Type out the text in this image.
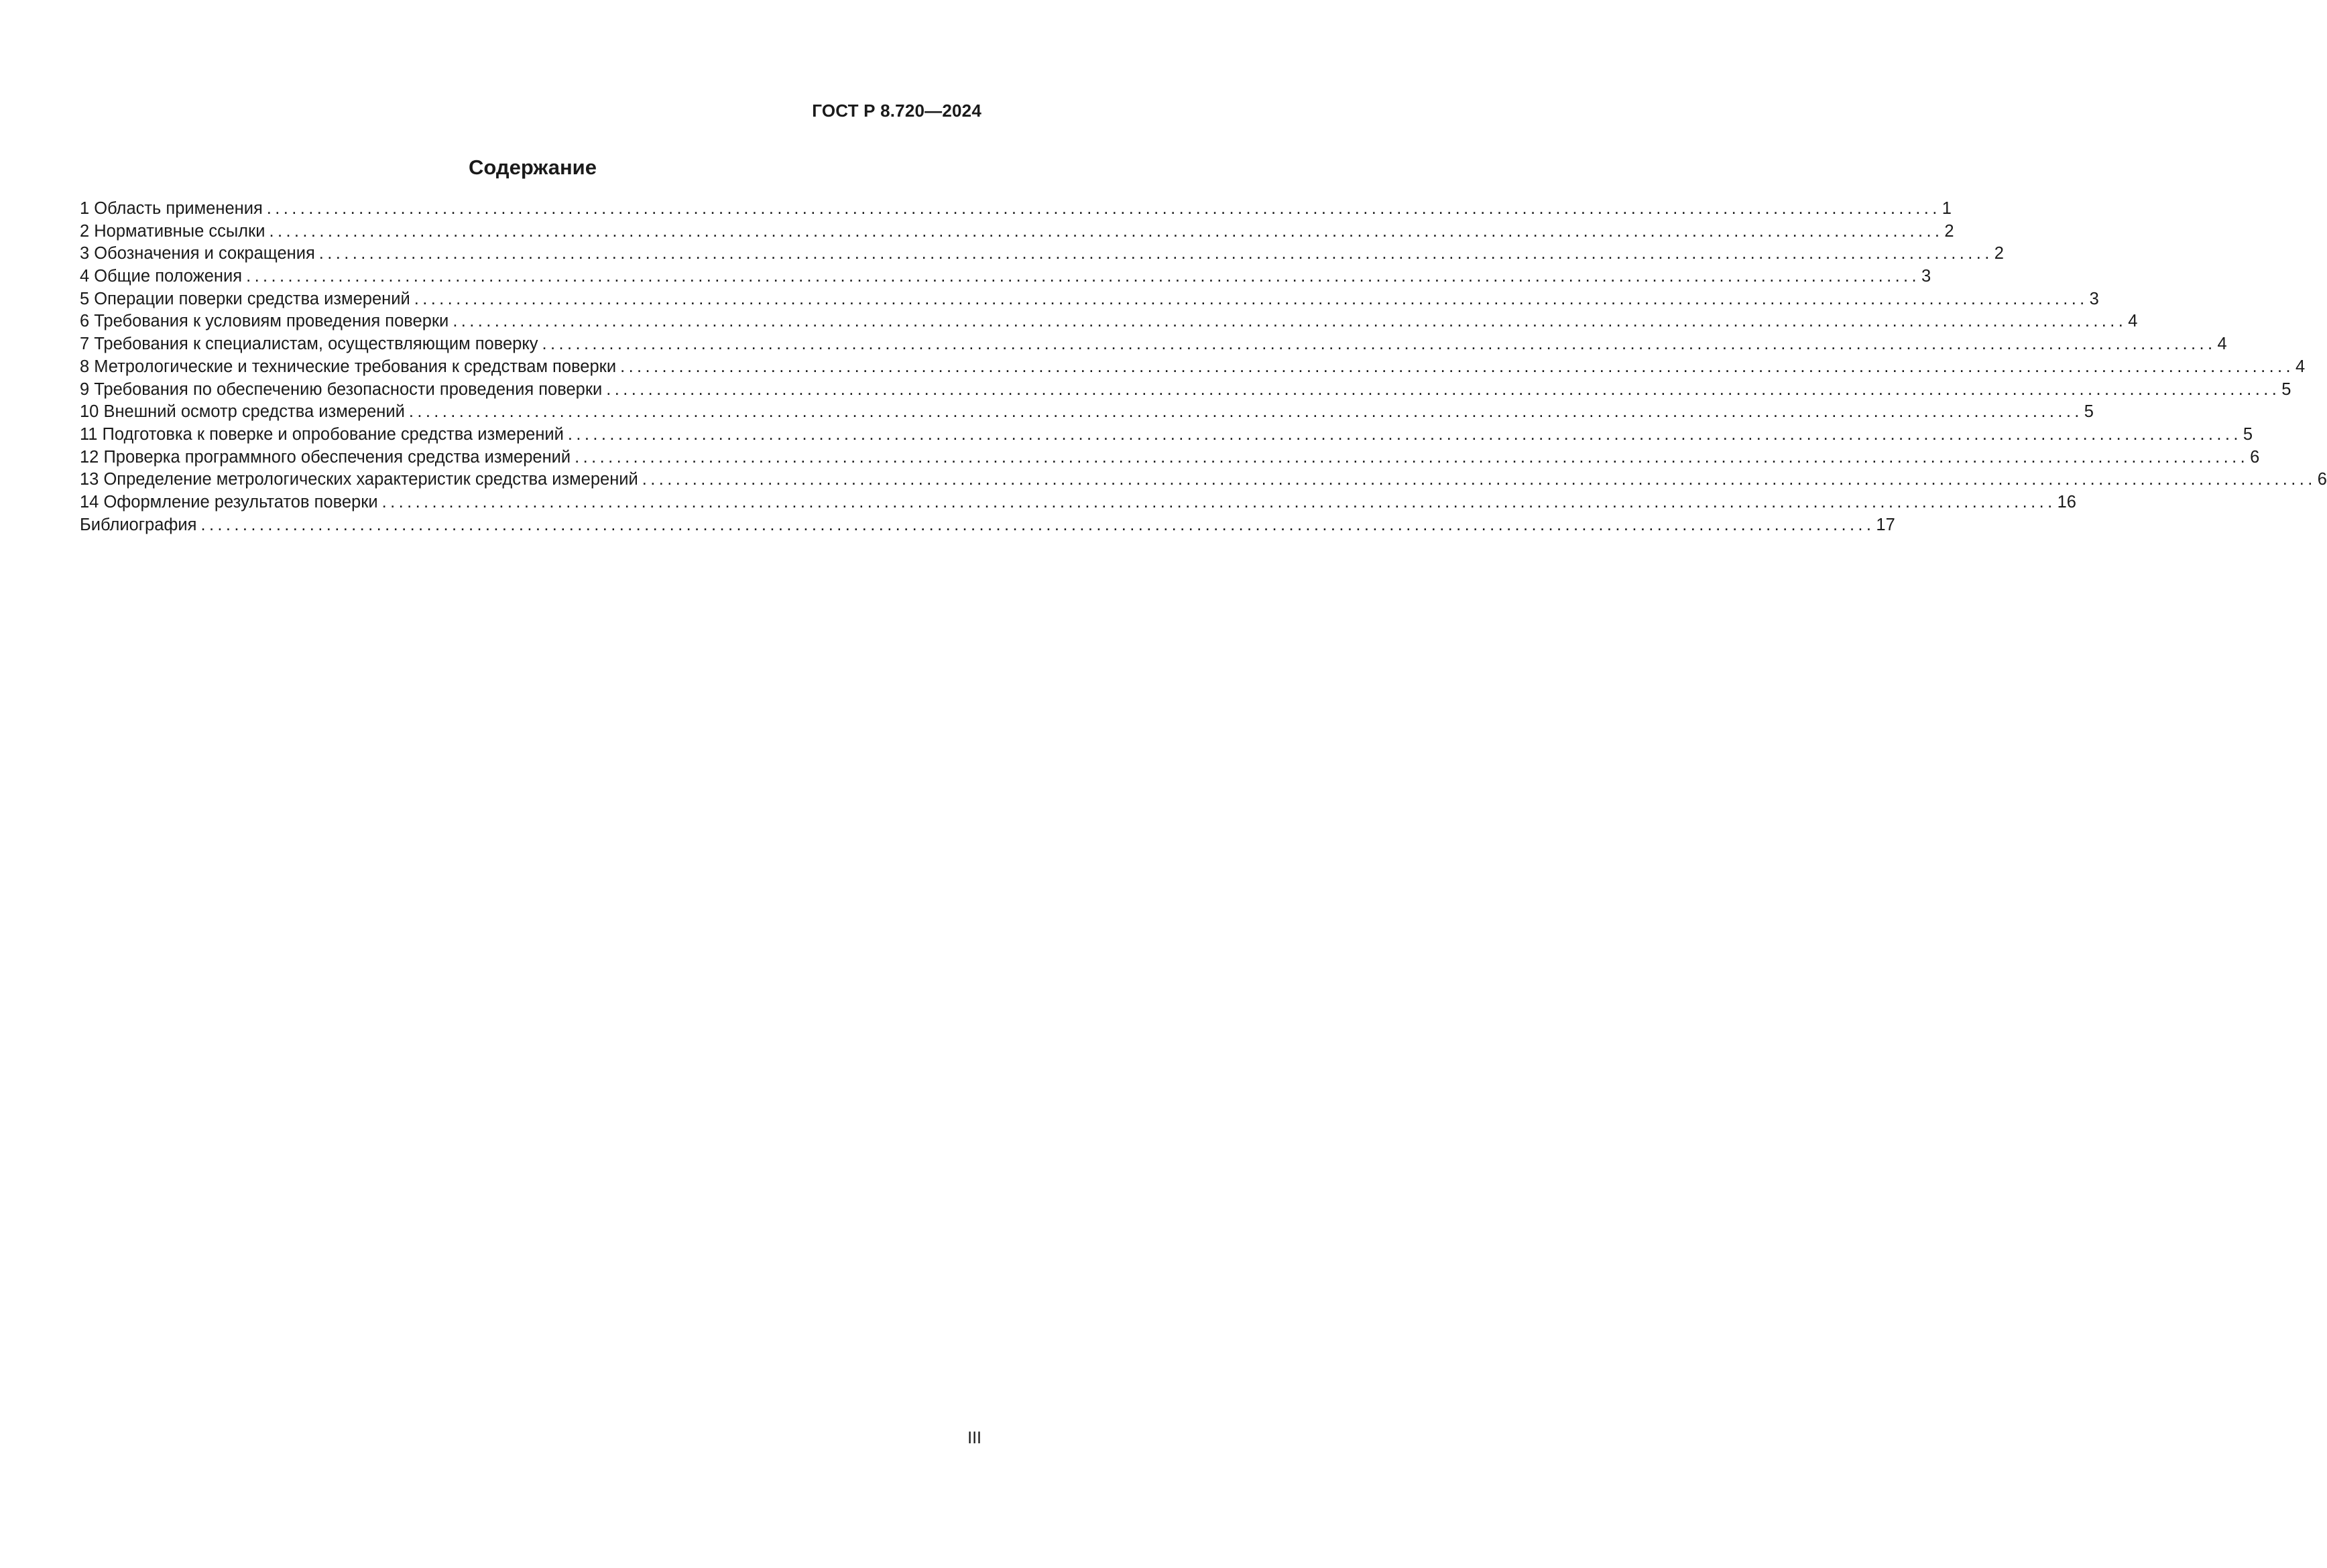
ГОСТ Р 8.720—2024
Содержание
1 Область применения ........................................................................................................................................................................................................ 1
2 Нормативные ссылки ........................................................................................................................................................................................................ 2
3 Обозначения и сокращения ........................................................................................................................................................................................................ 2
4 Общие положения ........................................................................................................................................................................................................ 3
5 Операции поверки средства измерений ........................................................................................................................................................................................................ 3
6 Требования к условиям проведения поверки ........................................................................................................................................................................................................ 4
7 Требования к специалистам, осуществляющим поверку ........................................................................................................................................................................................................ 4
8 Метрологические и технические требования к средствам поверки ........................................................................................................................................................................................................ 4
9 Требования по обеспечению безопасности проведения поверки ........................................................................................................................................................................................................ 5
10 Внешний осмотр средства измерений ........................................................................................................................................................................................................ 5
11 Подготовка к поверке и опробование средства измерений ........................................................................................................................................................................................................ 5
12 Проверка программного обеспечения средства измерений ........................................................................................................................................................................................................ 6
13 Определение метрологических характеристик средства измерений ........................................................................................................................................................................................................ 6
14 Оформление результатов поверки ........................................................................................................................................................................................................ 16
Библиография ........................................................................................................................................................................................................ 17
III
